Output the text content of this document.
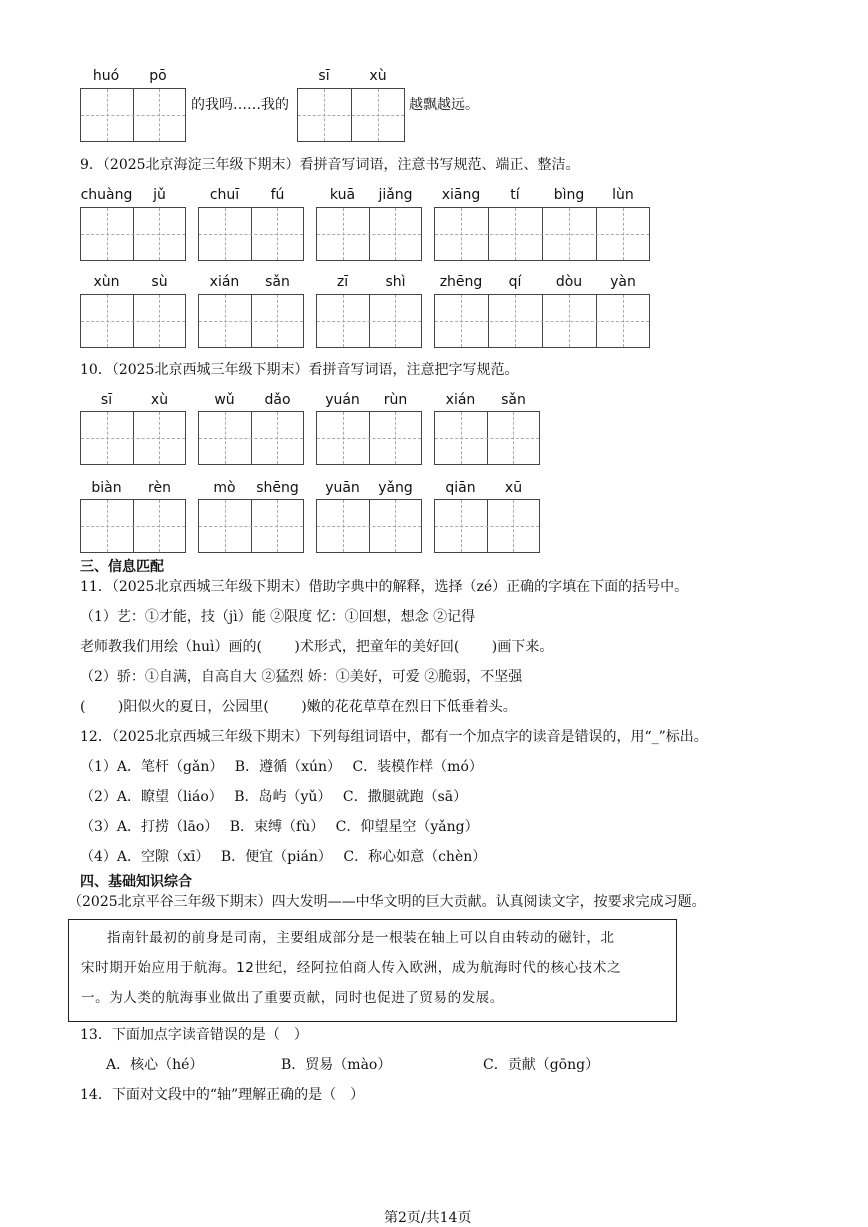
huó	pō
的我吗……我的
sī	xù
越飘越远。
9．（2025北京海淀三年级下期末）看拼音写词语，注意书写规范、端正、整洁。
chuàng	jǔ	chuī	fú	kuā	jiǎng	xiāng	tí	bìng	lùn
xùn	sù	xián	sǎn	zī	shì	zhēng	qí	dòu	yàn
10．（2025北京西城三年级下期末）看拼音写词语，注意把字写规范。
sī	xù	wǔ	dǎo	yuán	rùn	xián	sǎn
biàn	rèn	mò	shēng	yuān	yǎng	qiān	xū
三、信息匹配
11．（2025北京西城三年级下期末）借助字典中的解释，选择（zé）正确的字填在下面的括号中。
（1）艺：①才能，技（jì）能 ②限度 忆：①回想，想念 ②记得
老师教我们用绘（huì）画的(　　 )术形式，把童年的美好回(　　 )画下来。
（2）骄：①自满，自高自大 ②猛烈 娇：①美好，可爱 ②脆弱，不坚强
(　　 )阳似火的夏日，公园里(　　 )嫩的花花草草在烈日下低垂着头。
12．（2025北京西城三年级下期末）下列每组词语中，都有一个加点字的读音是错误的，用“_”标出。
（1）A．笔杆（gǎn）　 B．遵循（xún）　 C．装模作样（mó）
（2）A．瞭望（liáo）　 B．岛屿（yǔ）　 C．撒腿就跑（sā）
（3）A．打捞（lāo）　 B．束缚（fù）　 C．仰望星空（yǎng）
（4）A．空隙（xī）　 B．便宜（pián）　 C．称心如意（chèn）
四、基础知识综合
（2025北京平谷三年级下期末）四大发明——中华文明的巨大贡献。认真阅读文字，按要求完成习题。

指南针最初的前身是司南，主要组成部分是一根装在轴上可以自由转动的磁针，北

宋时期开始应用于航海。12世纪，经阿拉伯商人传入欧洲，成为航海时代的核心技术之

一。为人类的航海事业做出了重要贡献，同时也促进了贸易的发展。

13．下面加点字读音错误的是（　）
A．核心（hé）	B．贸易（mào）	C．贡献（gōng）
14．下面对文段中的“轴”理解正确的是（　）
第2页/共14页
